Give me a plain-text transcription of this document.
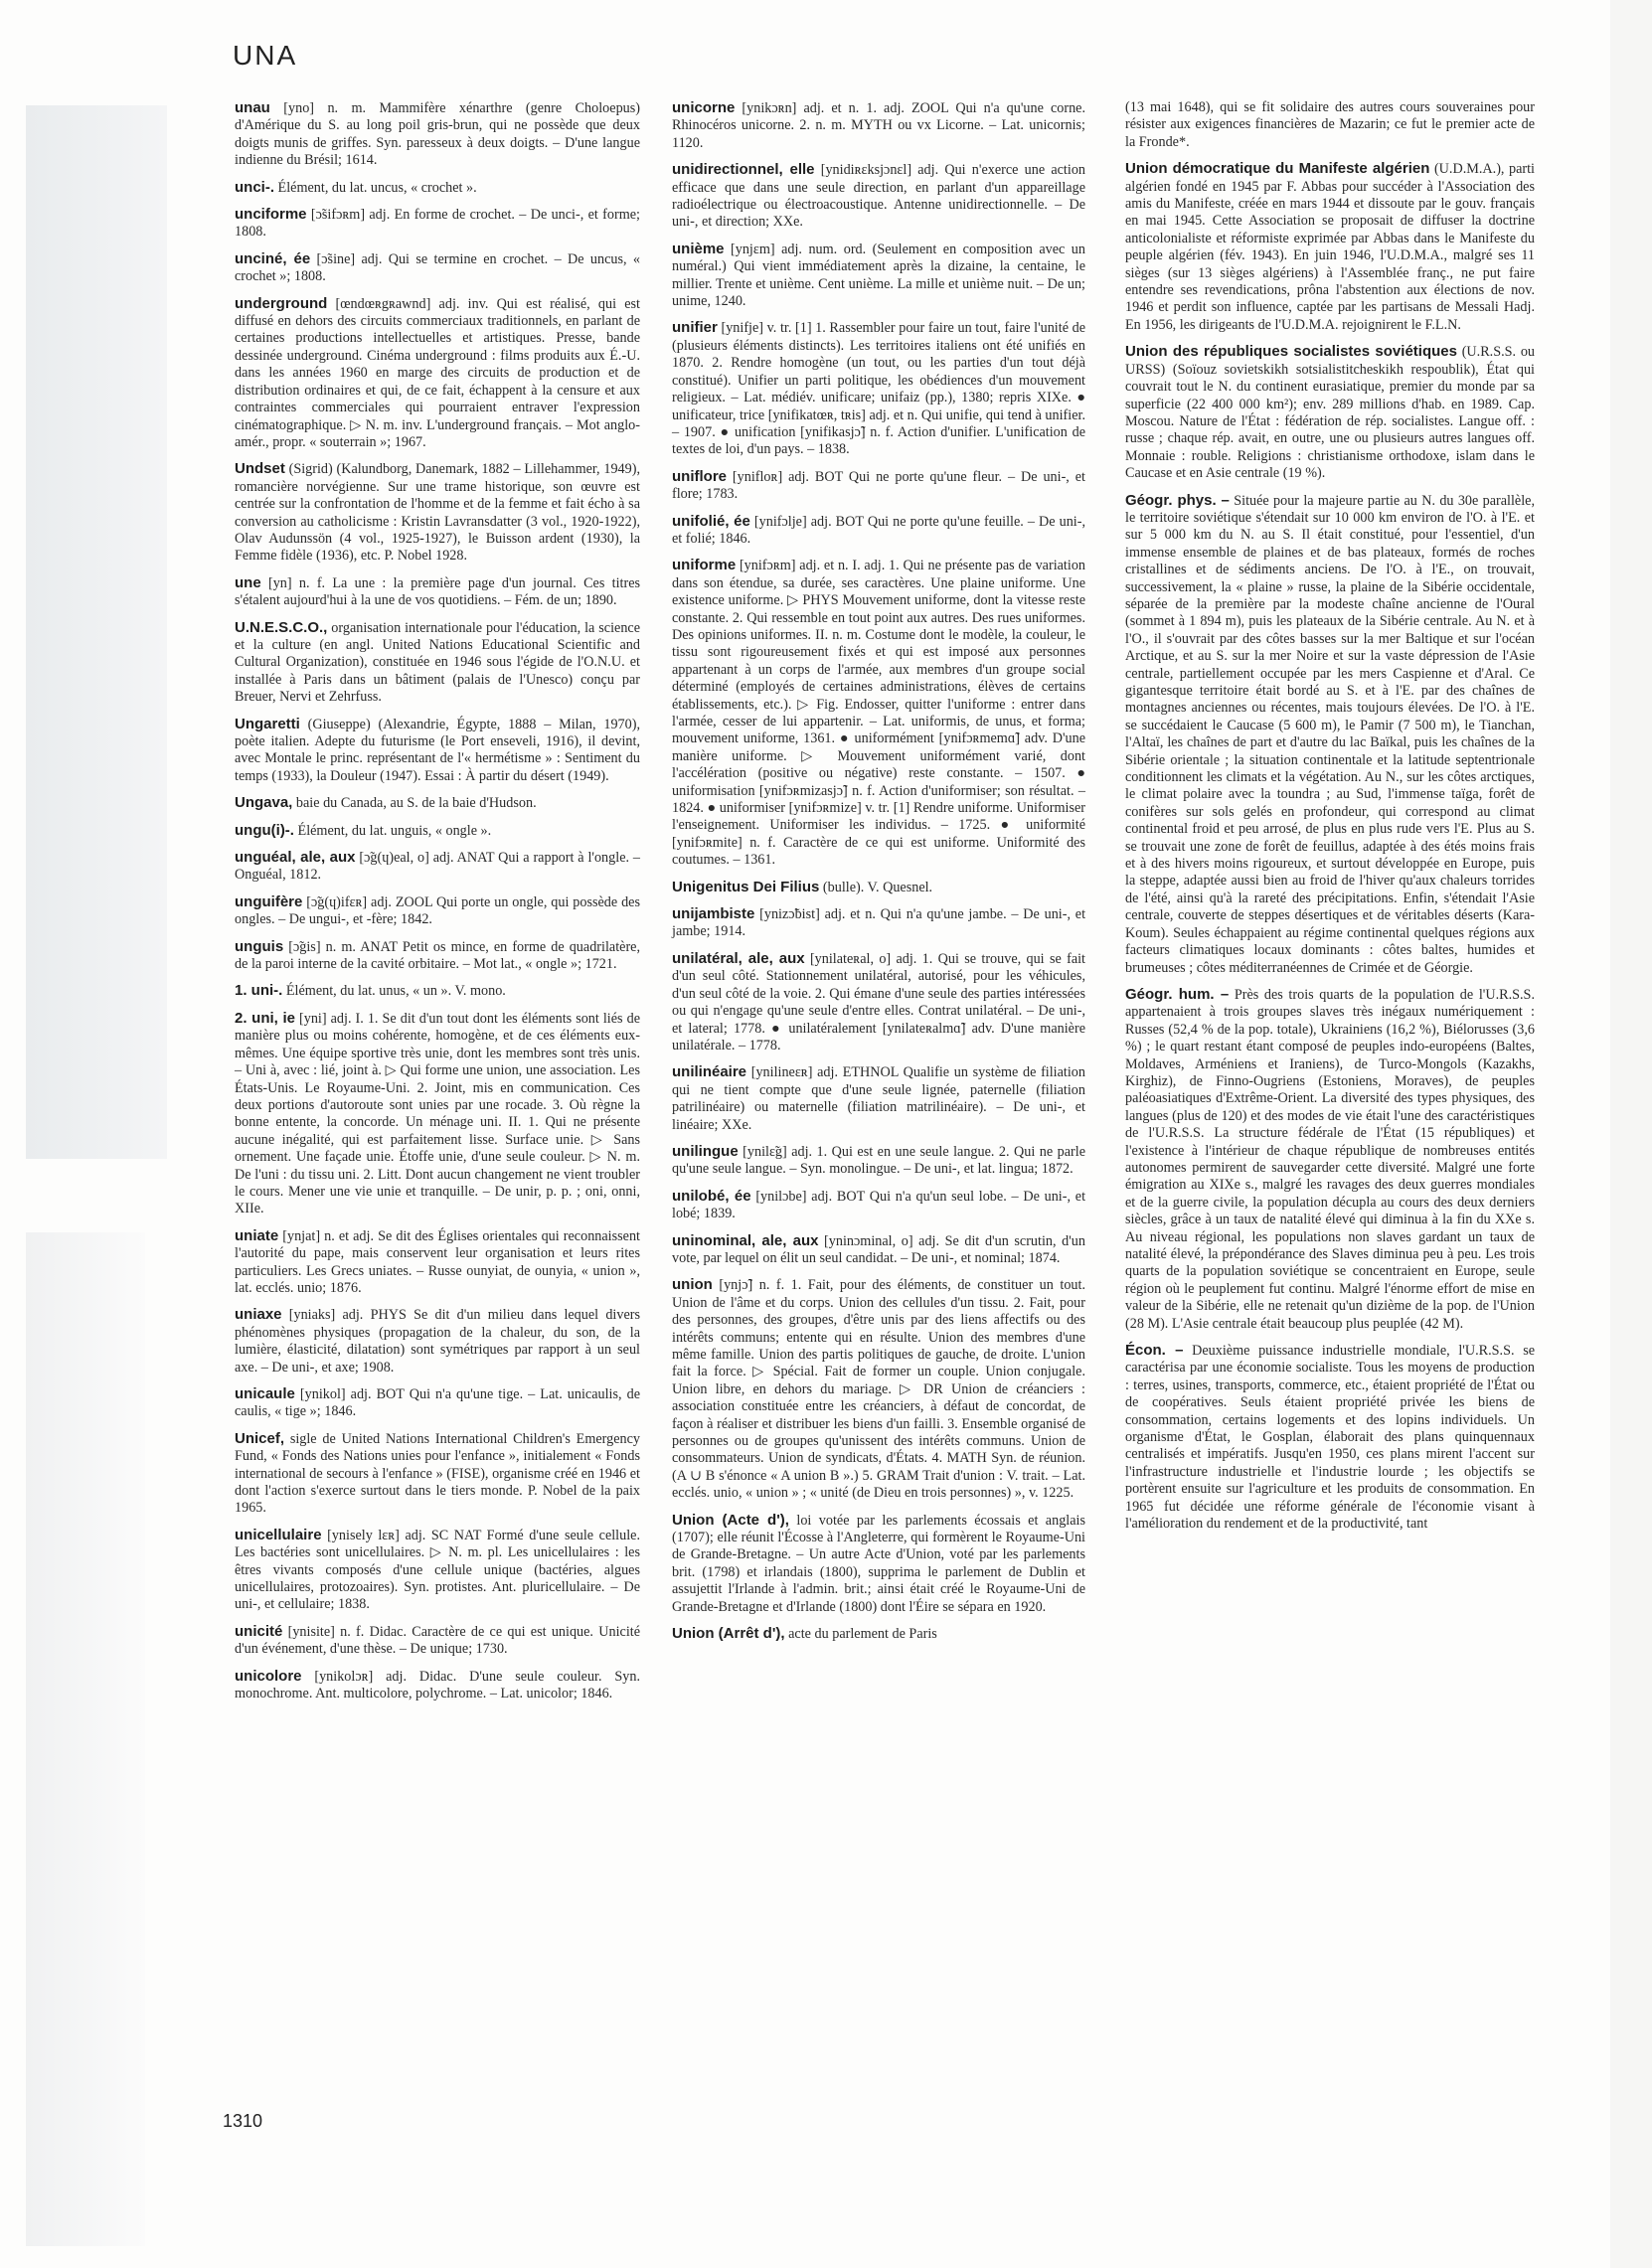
UNA

unau [yno] n. m. Mammifère xénarthre (genre Choloepus) d'Amérique du S. au long poil gris-brun, qui ne possède que deux doigts munis de griffes. Syn. paresseux à deux doigts. – D'une langue indienne du Brésil; 1614.

unci-. Élément, du lat. uncus, « crochet ».

unciforme [ɔ̃sifɔʀm] adj. En forme de crochet. – De unci-, et forme; 1808.

unciné, ée [ɔ̃sine] adj. Qui se termine en crochet. – De uncus, « crochet »; 1808.

underground [œndœʀgʀawnd] adj. inv. Qui est réalisé, qui est diffusé en dehors des circuits commerciaux traditionnels, en parlant de certaines productions intellectuelles et artistiques. Presse, bande dessinée underground. Cinéma underground : films produits aux É.-U. dans les années 1960 en marge des circuits de production et de distribution ordinaires et qui, de ce fait, échappent à la censure et aux contraintes commerciales qui pourraient entraver l'expression cinématographique. ▷ N. m. inv. L'underground français. – Mot anglo-amér., propr. « souterrain »; 1967.

Undset (Sigrid) (Kalundborg, Danemark, 1882 – Lillehammer, 1949), romancière norvégienne. Sur une trame historique, son œuvre est centrée sur la confrontation de l'homme et de la femme et fait écho à sa conversion au catholicisme : Kristin Lavransdatter (3 vol., 1920-1922), Olav Audunssön (4 vol., 1925-1927), le Buisson ardent (1930), la Femme fidèle (1936), etc. P. Nobel 1928.

une [yn] n. f. La une : la première page d'un journal. Ces titres s'étalent aujourd'hui à la une de vos quotidiens. – Fém. de un; 1890.

U.N.E.S.C.O., organisation internationale pour l'éducation, la science et la culture (en angl. United Nations Educational Scientific and Cultural Organization), constituée en 1946 sous l'égide de l'O.N.U. et installée à Paris dans un bâtiment (palais de l'Unesco) conçu par Breuer, Nervi et Zehrfuss.

Ungaretti (Giuseppe) (Alexandrie, Égypte, 1888 – Milan, 1970), poète italien. Adepte du futurisme (le Port enseveli, 1916), il devint, avec Montale le princ. représentant de l'« hermétisme » : Sentiment du temps (1933), la Douleur (1947). Essai : À partir du désert (1949).

Ungava, baie du Canada, au S. de la baie d'Hudson.

ungu(i)-. Élément, du lat. unguis, « ongle ».

unguéal, ale, aux [ɔ̃g(ɥ)eal, o] adj. ANAT Qui a rapport à l'ongle. – Onguéal, 1812.

unguifère [ɔ̃g(ɥ)ifɛʀ] adj. ZOOL Qui porte un ongle, qui possède des ongles. – De ungui-, et -fère; 1842.

unguis [ɔ̃gis] n. m. ANAT Petit os mince, en forme de quadrilatère, de la paroi interne de la cavité orbitaire. – Mot lat., « ongle »; 1721.

1. uni-. Élément, du lat. unus, « un ». V. mono.

2. uni, ie [yni] adj. I. 1. Se dit d'un tout dont les éléments sont liés de manière plus ou moins cohérente, homogène, et de ces éléments eux-mêmes. Une équipe sportive très unie, dont les membres sont très unis. – Uni à, avec : lié, joint à. ▷ Qui forme une union, une association. Les États-Unis. Le Royaume-Uni. 2. Joint, mis en communication. Ces deux portions d'autoroute sont unies par une rocade. 3. Où règne la bonne entente, la concorde. Un ménage uni. II. 1. Qui ne présente aucune inégalité, qui est parfaitement lisse. Surface unie. ▷ Sans ornement. Une façade unie. Étoffe unie, d'une seule couleur. ▷ N. m. De l'uni : du tissu uni. 2. Litt. Dont aucun changement ne vient troubler le cours. Mener une vie unie et tranquille. – De unir, p. p. ; oni, onni, XIIe.

uniate [ynjat] n. et adj. Se dit des Églises orientales qui reconnaissent l'autorité du pape, mais conservent leur organisation et leurs rites particuliers. Les Grecs uniates. – Russe ounyiat, de ounyia, « union », lat. ecclés. unio; 1876.

uniaxe [yniaks] adj. PHYS Se dit d'un milieu dans lequel divers phénomènes physiques (propagation de la chaleur, du son, de la lumière, élasticité, dilatation) sont symétriques par rapport à un seul axe. – De uni-, et axe; 1908.

unicaule [ynikol] adj. BOT Qui n'a qu'une tige. – Lat. unicaulis, de caulis, « tige »; 1846.

Unicef, sigle de United Nations International Children's Emergency Fund, « Fonds des Nations unies pour l'enfance », initialement « Fonds international de secours à l'enfance » (FISE), organisme créé en 1946 et dont l'action s'exerce surtout dans le tiers monde. P. Nobel de la paix 1965.

unicellulaire [ynisely lɛʀ] adj. SC NAT Formé d'une seule cellule. Les bactéries sont unicellulaires. ▷ N. m. pl. Les unicellulaires : les êtres vivants composés d'une cellule unique (bactéries, algues unicellulaires, protozoaires). Syn. protistes. Ant. pluricellulaire. – De uni-, et cellulaire; 1838.

unicité [ynisite] n. f. Didac. Caractère de ce qui est unique. Unicité d'un événement, d'une thèse. – De unique; 1730.

unicolore [ynikolɔʀ] adj. Didac. D'une seule couleur. Syn. monochrome. Ant. multicolore, polychrome. – Lat. unicolor; 1846.

unicorne [ynikɔʀn] adj. et n. 1. adj. ZOOL Qui n'a qu'une corne. Rhinocéros unicorne. 2. n. m. MYTH ou vx Licorne. – Lat. unicornis; 1120.

unidirectionnel, elle [ynidiʀɛksjɔnɛl] adj. Qui n'exerce une action efficace que dans une seule direction, en parlant d'un appareillage radioélectrique ou électroacoustique. Antenne unidirectionnelle. – De uni-, et direction; XXe.

unième [ynjɛm] adj. num. ord. (Seulement en composition avec un numéral.) Qui vient immédiatement après la dizaine, la centaine, le millier. Trente et unième. Cent unième. La mille et unième nuit. – De un; unime, 1240.

unifier [ynifje] v. tr. [1] 1. Rassembler pour faire un tout, faire l'unité de (plusieurs éléments distincts). Les territoires italiens ont été unifiés en 1870. 2. Rendre homogène (un tout, ou les parties d'un tout déjà constitué). Unifier un parti politique, les obédiences d'un mouvement religieux. – Lat. médiév. unificare; unifaiz (pp.), 1380; repris XIXe. ● unificateur, trice [ynifikatœʀ, tʀis] adj. et n. Qui unifie, qui tend à unifier. – 1907. ● unification [ynifikasjɔ̃] n. f. Action d'unifier. L'unification de textes de loi, d'un pays. – 1838.

uniflore [ynifloʀ] adj. BOT Qui ne porte qu'une fleur. – De uni-, et flore; 1783.

unifolié, ée [ynifɔlje] adj. BOT Qui ne porte qu'une feuille. – De uni-, et folié; 1846.

uniforme [ynifɔʀm] adj. et n. I. adj. 1. Qui ne présente pas de variation dans son étendue, sa durée, ses caractères. Une plaine uniforme. Une existence uniforme. ▷ PHYS Mouvement uniforme, dont la vitesse reste constante. 2. Qui ressemble en tout point aux autres. Des rues uniformes. Des opinions uniformes. II. n. m. Costume dont le modèle, la couleur, le tissu sont rigoureusement fixés et qui est imposé aux personnes appartenant à un corps de l'armée, aux membres d'un groupe social déterminé (employés de certaines administrations, élèves de certains établissements, etc.). ▷ Fig. Endosser, quitter l'uniforme : entrer dans l'armée, cesser de lui appartenir. – Lat. uniformis, de unus, et forma; mouvement uniforme, 1361. ● uniformément [ynifɔʀmemɑ̃] adv. D'une manière uniforme. ▷ Mouvement uniformément varié, dont l'accélération (positive ou négative) reste constante. – 1507. ● uniformisation [ynifɔʀmizasjɔ̃] n. f. Action d'uniformiser; son résultat. – 1824. ● uniformiser [ynifɔʀmize] v. tr. [1] Rendre uniforme. Uniformiser l'enseignement. Uniformiser les individus. – 1725. ● uniformité [ynifɔʀmite] n. f. Caractère de ce qui est uniforme. Uniformité des coutumes. – 1361.

Unigenitus Dei Filius (bulle). V. Quesnel.

unijambiste [ynizɔ̃bist] adj. et n. Qui n'a qu'une jambe. – De uni-, et jambe; 1914.

unilatéral, ale, aux [ynilateʀal, o] adj. 1. Qui se trouve, qui se fait d'un seul côté. Stationnement unilatéral, autorisé, pour les véhicules, d'un seul côté de la voie. 2. Qui émane d'une seule des parties intéressées ou qui n'engage qu'une seule d'entre elles. Contrat unilatéral. – De uni-, et lateral; 1778. ● unilatéralement [ynilateʀalmɑ̃] adv. D'une manière unilatérale. – 1778.

unilinéaire [ynilineɛʀ] adj. ETHNOL Qualifie un système de filiation qui ne tient compte que d'une seule lignée, paternelle (filiation patrilinéaire) ou maternelle (filiation matrilinéaire). – De uni-, et linéaire; XXe.

unilingue [ynilɛ̃g] adj. 1. Qui est en une seule langue. 2. Qui ne parle qu'une seule langue. – Syn. monolingue. – De uni-, et lat. lingua; 1872.

unilobé, ée [ynilɔbe] adj. BOT Qui n'a qu'un seul lobe. – De uni-, et lobé; 1839.

uninominal, ale, aux [yninɔminal, o] adj. Se dit d'un scrutin, d'un vote, par lequel on élit un seul candidat. – De uni-, et nominal; 1874.

union [ynjɔ̃] n. f. 1. Fait, pour des éléments, de constituer un tout. Union de l'âme et du corps. Union des cellules d'un tissu. 2. Fait, pour des personnes, des groupes, d'être unis par des liens affectifs ou des intérêts communs; entente qui en résulte. Union des membres d'une même famille. Union des partis politiques de gauche, de droite. L'union fait la force. ▷ Spécial. Fait de former un couple. Union conjugale. Union libre, en dehors du mariage. ▷ DR Union de créanciers : association constituée entre les créanciers, à défaut de concordat, de façon à réaliser et distribuer les biens d'un failli. 3. Ensemble organisé de personnes ou de groupes qu'unissent des intérêts communs. Union de consommateurs. Union de syndicats, d'États. 4. MATH Syn. de réunion. (A ∪ B s'énonce « A union B ».) 5. GRAM Trait d'union : V. trait. – Lat. ecclés. unio, « union » ; « unité (de Dieu en trois personnes) », v. 1225.

Union (Acte d'), loi votée par les parlements écossais et anglais (1707); elle réunit l'Écosse à l'Angleterre, qui formèrent le Royaume-Uni de Grande-Bretagne. – Un autre Acte d'Union, voté par les parlements brit. (1798) et irlandais (1800), supprima le parlement de Dublin et assujettit l'Irlande à l'admin. brit.; ainsi était créé le Royaume-Uni de Grande-Bretagne et d'Irlande (1800) dont l'Éire se sépara en 1920.

Union (Arrêt d'), acte du parlement de Paris

(13 mai 1648), qui se fit solidaire des autres cours souveraines pour résister aux exigences financières de Mazarin; ce fut le premier acte de la Fronde*.

Union démocratique du Manifeste algérien (U.D.M.A.), parti algérien fondé en 1945 par F. Abbas pour succéder à l'Association des amis du Manifeste, créée en mars 1944 et dissoute par le gouv. français en mai 1945. Cette Association se proposait de diffuser la doctrine anticolonialiste et réformiste exprimée par Abbas dans le Manifeste du peuple algérien (fév. 1943). En juin 1946, l'U.D.M.A., malgré ses 11 sièges (sur 13 sièges algériens) à l'Assemblée franç., ne put faire entendre ses revendications, prôna l'abstention aux élections de nov. 1946 et perdit son influence, captée par les partisans de Messali Hadj. En 1956, les dirigeants de l'U.D.M.A. rejoignirent le F.L.N.

Union des républiques socialistes soviétiques (U.R.S.S. ou URSS) (Soïouz sovietskikh sotsialistitcheskikh respoublik), État qui couvrait tout le N. du continent eurasiatique, premier du monde par sa superficie (22 400 000 km²); env. 289 millions d'hab. en 1989. Cap. Moscou. Nature de l'État : fédération de rép. socialistes. Langue off. : russe ; chaque rép. avait, en outre, une ou plusieurs autres langues off. Monnaie : rouble. Religions : christianisme orthodoxe, islam dans le Caucase et en Asie centrale (19 %).

Géogr. phys. – Située pour la majeure partie au N. du 30e parallèle, le territoire soviétique s'étendait sur 10 000 km environ de l'O. à l'E. et sur 5 000 km du N. au S. Il était constitué, pour l'essentiel, d'un immense ensemble de plaines et de bas plateaux, formés de roches cristallines et de sédiments anciens. De l'O. à l'E., on trouvait, successivement, la « plaine » russe, la plaine de la Sibérie occidentale, séparée de la première par la modeste chaîne ancienne de l'Oural (sommet à 1 894 m), puis les plateaux de la Sibérie centrale. Au N. et à l'O., il s'ouvrait par des côtes basses sur la mer Baltique et sur l'océan Arctique, et au S. sur la mer Noire et sur la vaste dépression de l'Asie centrale, partiellement occupée par les mers Caspienne et d'Aral. Ce gigantesque territoire était bordé au S. et à l'E. par des chaînes de montagnes anciennes ou récentes, mais toujours élevées. De l'O. à l'E. se succédaient le Caucase (5 600 m), le Pamir (7 500 m), le Tianchan, l'Altaï, les chaînes de part et d'autre du lac Baïkal, puis les chaînes de la Sibérie orientale ; la situation continentale et la latitude septentrionale conditionnent les climats et la végétation. Au N., sur les côtes arctiques, le climat polaire avec la toundra ; au Sud, l'immense taïga, forêt de conifères sur sols gelés en profondeur, qui correspond au climat continental froid et peu arrosé, de plus en plus rude vers l'E. Plus au S. se trouvait une zone de forêt de feuillus, adaptée à des étés moins frais et à des hivers moins rigoureux, et surtout développée en Europe, puis la steppe, adaptée aussi bien au froid de l'hiver qu'aux chaleurs torrides de l'été, ainsi qu'à la rareté des précipitations. Enfin, s'étendait l'Asie centrale, couverte de steppes désertiques et de véritables déserts (Kara-Koum). Seules échappaient au régime continental quelques régions aux facteurs climatiques locaux dominants : côtes baltes, humides et brumeuses ; côtes méditerranéennes de Crimée et de Géorgie.

Géogr. hum. – Près des trois quarts de la population de l'U.R.S.S. appartenaient à trois groupes slaves très inégaux numériquement : Russes (52,4 % de la pop. totale), Ukrainiens (16,2 %), Biélorusses (3,6 %) ; le quart restant étant composé de peuples indo-européens (Baltes, Moldaves, Arméniens et Iraniens), de Turco-Mongols (Kazakhs, Kirghiz), de Finno-Ougriens (Estoniens, Moraves), de peuples paléoasiatiques d'Extrême-Orient. La diversité des types physiques, des langues (plus de 120) et des modes de vie était l'une des caractéristiques de l'U.R.S.S. La structure fédérale de l'État (15 républiques) et l'existence à l'intérieur de chaque république de nombreuses entités autonomes permirent de sauvegarder cette diversité. Malgré une forte émigration au XIXe s., malgré les ravages des deux guerres mondiales et de la guerre civile, la population décupla au cours des deux derniers siècles, grâce à un taux de natalité élevé qui diminua à la fin du XXe s. Au niveau régional, les populations non slaves gardant un taux de natalité élevé, la prépondérance des Slaves diminua peu à peu. Les trois quarts de la population soviétique se concentraient en Europe, seule région où le peuplement fut continu. Malgré l'énorme effort de mise en valeur de la Sibérie, elle ne retenait qu'un dizième de la pop. de l'Union (28 M). L'Asie centrale était beaucoup plus peuplée (42 M).

Écon. – Deuxième puissance industrielle mondiale, l'U.R.S.S. se caractérisa par une économie socialiste. Tous les moyens de production : terres, usines, transports, commerce, etc., étaient propriété de l'État ou de coopératives. Seuls étaient propriété privée les biens de consommation, certains logements et des lopins individuels. Un organisme d'État, le Gosplan, élaborait des plans quinquennaux centralisés et impératifs. Jusqu'en 1950, ces plans mirent l'accent sur l'infrastructure industrielle et l'industrie lourde ; les objectifs se portèrent ensuite sur l'agriculture et les produits de consommation. En 1965 fut décidée une réforme générale de l'économie visant à l'amélioration du rendement et de la productivité, tant

1310
